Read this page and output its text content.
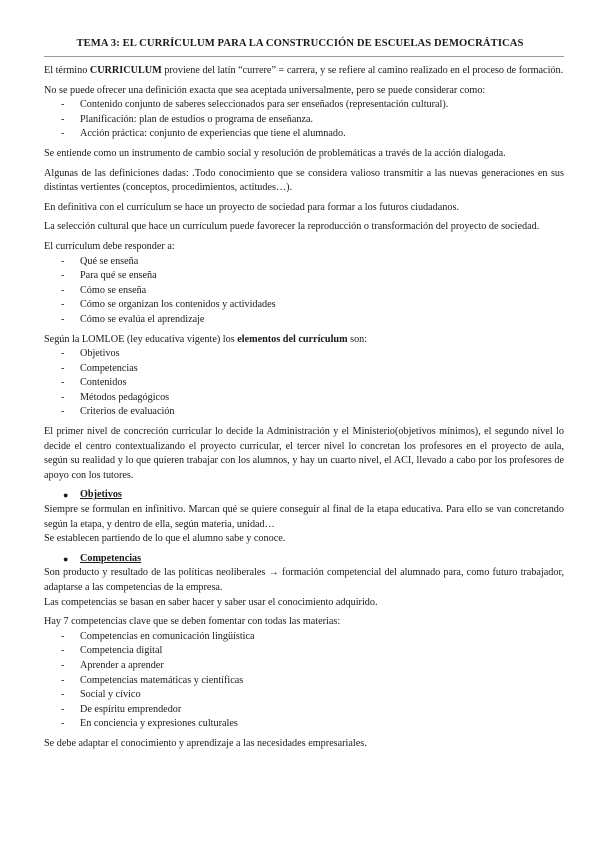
TEMA 3: EL CURRÍCULUM PARA LA CONSTRUCCIÓN DE ESCUELAS DEMOCRÁTICAS

El término CURRICULUM proviene del latín “currere” = carrera, y se refiere al camino realizado en el proceso de formación.

No se puede ofrecer una definición exacta que sea aceptada universalmente, pero se puede considerar como:

- Contenido conjunto de saberes seleccionados para ser enseñados (representación cultural).
- Planificación: plan de estudios o programa de enseñanza.
- Acción práctica: conjunto de experiencias que tiene el alumnado.

Se entiende como un instrumento de cambio social y resolución de problemáticas a través de la acción dialogada.

Algunas de las definiciones dadas: .Todo conocimiento que se considera valioso transmitir a las nuevas generaciones en sus distintas vertientes (conceptos, procedimientos, actitudes…).

En definitiva con el currículum se hace un proyecto de sociedad para formar a los futuros ciudadanos.

La selección cultural que hace un currículum puede favorecer la reproducción o transformación del proyecto de sociedad.

El currículum debe responder a:

- Qué se enseña
- Para qué se enseña
- Cómo se enseña
- Cómo se organizan los contenidos y actividades
- Cómo se evalúa el aprendizaje

Según la LOMLOE (ley educativa vigente) los elementos del currículum son:

- Objetivos
- Competencias
- Contenidos
- Métodos pedagógicos
- Criterios de evaluación

El primer nivel de concreción curricular lo decide la Administración y el Ministerio(objetivos mínimos), el segundo nivel lo decide el centro contextualizando el proyecto curricular, el tercer nivel lo concretan los profesores en el proyecto de aula, según su realidad y lo que quieren trabajar con los alumnos, y hay un cuarto nivel, el ACI, llevado a cabo por los profesores de apoyo con los tutores.

● Objetivos

Siempre se formulan en infinitivo. Marcan qué se quiere conseguir al final de la etapa educativa. Para ello se van concretando según la etapa, y dentro de ella, según materia, unidad…

Se establecen partiendo de lo que el alumno sabe y conoce.

● Competencias

Son producto y resultado de las políticas neoliberales → formación competencial del alumnado para, como futuro trabajador, adaptarse a las competencias de la empresa.

Las competencias se basan en saber hacer y saber usar el conocimiento adquirido.

Hay 7 competencias clave que se deben fomentar con todas las materias:

- Competencias en comunicación lingüística
- Competencia digital
- Aprender a aprender
- Competencias matemáticas y científicas
- Social y cívico
- De espíritu emprendedor
- En conciencia y expresiones culturales

Se debe adaptar el conocimiento y aprendizaje a las necesidades empresariales.
